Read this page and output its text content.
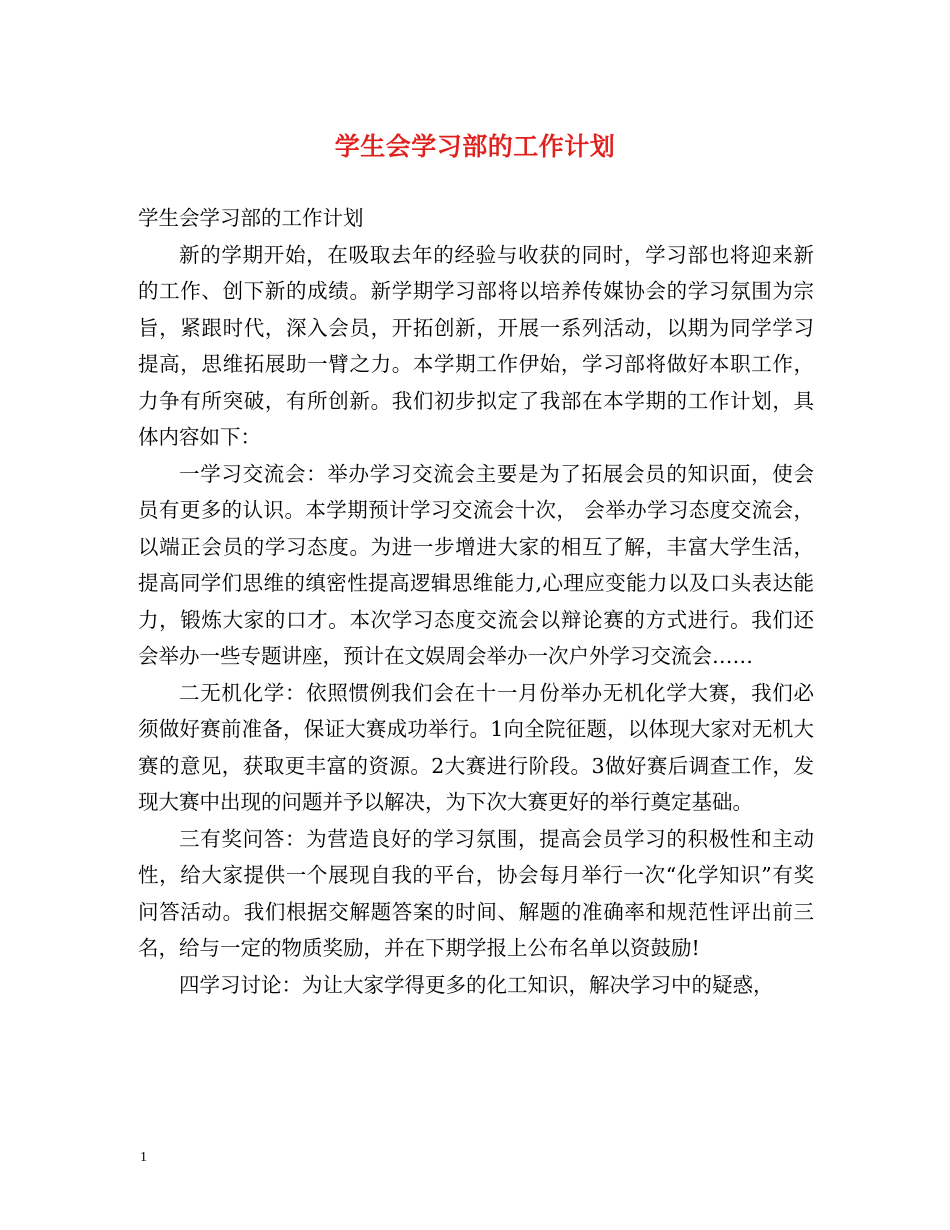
学生会学习部的工作计划

学生会学习部的工作计划

新的学期开始，在吸取去年的经验与收获的同时，学习部也将迎来新的工作、创下新的成绩。新学期学习部将以培养传媒协会的学习氛围为宗旨，紧跟时代，深入会员，开拓创新，开展一系列活动，以期为同学学习提高，思维拓展助一臂之力。本学期工作伊始，学习部将做好本职工作，力争有所突破，有所创新。我们初步拟定了我部在本学期的工作计划，具体内容如下：

一学习交流会：举办学习交流会主要是为了拓展会员的知识面，使会员有更多的认识。本学期预计学习交流会十次， 会举办学习态度交流会，以端正会员的学习态度。为进一步增进大家的相互了解，丰富大学生活，提高同学们思维的缜密性提高逻辑思维能力,心理应变能力以及口头表达能力，锻炼大家的口才。本次学习态度交流会以辩论赛的方式进行。我们还会举办一些专题讲座，预计在文娱周会举办一次户外学习交流会……

二无机化学：依照惯例我们会在十一月份举办无机化学大赛，我们必须做好赛前准备，保证大赛成功举行。1向全院征题，以体现大家对无机大赛的意见，获取更丰富的资源。2大赛进行阶段。3做好赛后调查工作，发现大赛中出现的问题并予以解决，为下次大赛更好的举行奠定基础。

三有奖问答：为营造良好的学习氛围，提高会员学习的积极性和主动性，给大家提供一个展现自我的平台，协会每月举行一次“化学知识”有奖问答活动。我们根据交解题答案的时间、解题的准确率和规范性评出前三名，给与一定的物质奖励，并在下期学报上公布名单以资鼓励!

四学习讨论：为让大家学得更多的化工知识，解决学习中的疑惑，

1
